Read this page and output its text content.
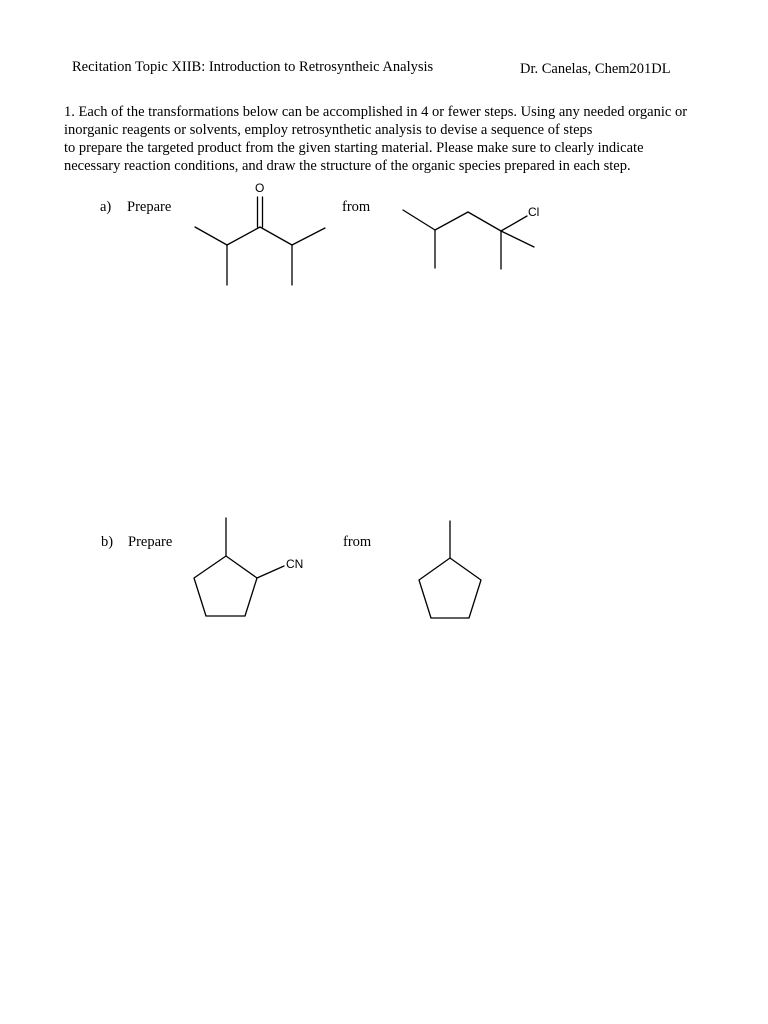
Recitation Topic XIIB: Introduction to Retrosyntheic Analysis	Dr. Canelas, Chem201DL
1. Each of the transformations below can be accomplished in 4 or fewer steps. Using any needed organic or
inorganic reagents or solvents, employ retrosynthetic analysis to devise a sequence of steps
to prepare the targeted product from the given starting material. Please make sure to clearly indicate
necessary reaction conditions, and draw the structure of the organic species prepared in each step.
a) Prepare	from
O
Cl
b) Prepare	from
CN
